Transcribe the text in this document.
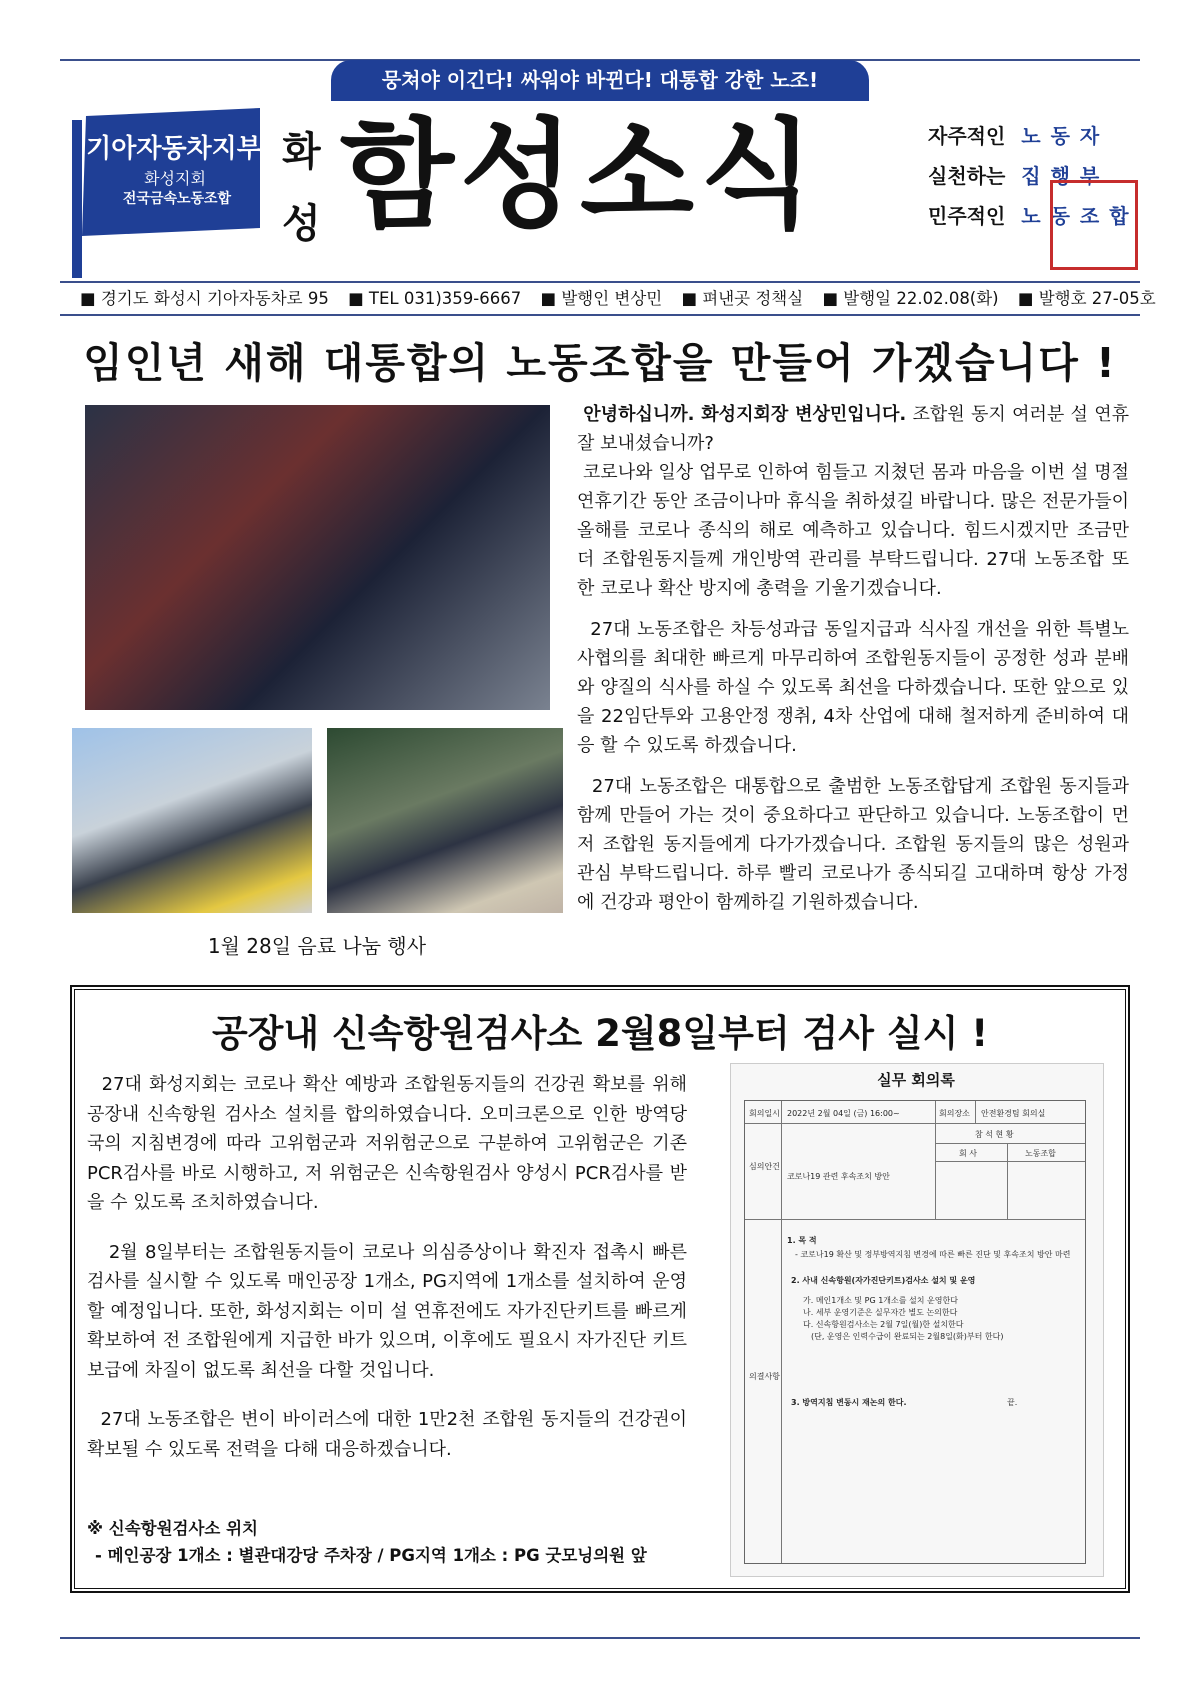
뭉쳐야 이긴다! 싸워야 바뀐다! 대통합 강한 노조!
기아자동차지부
화성지회
전국금속노동조합
화
성 함성소식	자주적인 노동자
실천하는 집행부
민주적인 노동조합
■ 경기도 화성시 기아자동차로 95 ■ TEL 031)359-6667 ■ 발행인 변상민 ■ 펴낸곳 정책실 ■ 발행일 22.02.08(화) ■ 발행호 27-05호
임인년 새해 대통합의 노동조합을 만들어 가겠습니다 !
1월 28일 음료 나눔 행사

안녕하십니까. 화성지회장 변상민입니다. 조합원 동지 여러분 설 연휴 잘 보내셨습니까?
코로나와 일상 업무로 인하여 힘들고 지쳤던 몸과 마음을 이번 설 명절 연휴기간 동안 조금이나마 휴식을 취하셨길 바랍니다. 많은 전문가들이 올해를 코로나 종식의 해로 예측하고 있습니다. 힘드시겠지만 조금만 더 조합원동지들께 개인방역 관리를 부탁드립니다. 27대 노동조합 또한 코로나 확산 방지에 총력을 기울기겠습니다.

27대 노동조합은 차등성과급 동일지급과 식사질 개선을 위한 특별노사협의를 최대한 빠르게 마무리하여 조합원동지들이 공정한 성과 분배와 양질의 식사를 하실 수 있도록 최선을 다하겠습니다. 또한 앞으로 있을 22임단투와 고용안정 쟁취, 4차 산업에 대해 철저하게 준비하여 대응 할 수 있도록 하겠습니다.

27대 노동조합은 대통합으로 출범한 노동조합답게 조합원 동지들과 함께 만들어 가는 것이 중요하다고 판단하고 있습니다. 노동조합이 먼저 조합원 동지들에게 다가가겠습니다. 조합원 동지들의 많은 성원과 관심 부탁드립니다. 하루 빨리 코로나가 종식되길 고대하며 항상 가정에 건강과 평안이 함께하길 기원하겠습니다.

공장내 신속항원검사소 2월8일부터 검사 실시 !

27대 화성지회는 코로나 확산 예방과 조합원동지들의 건강권 확보를 위해 공장내 신속항원 검사소 설치를 합의하였습니다. 오미크론으로 인한 방역당국의 지침변경에 따라 고위험군과 저위험군으로 구분하여 고위험군은 기존 PCR검사를 바로 시행하고, 저 위험군은 신속항원검사 양성시 PCR검사를 받을 수 있도록 조치하였습니다.

2월 8일부터는 조합원동지들이 코로나 의심증상이나 확진자 접촉시 빠른 검사를 실시할 수 있도록 매인공장 1개소, PG지역에 1개소를 설치하여 운영할 예정입니다. 또한, 화성지회는 이미 설 연휴전에도 자가진단키트를 빠르게 확보하여 전 조합원에게 지급한 바가 있으며, 이후에도 필요시 자가진단 키트 보급에 차질이 없도록 최선을 다할 것입니다.

27대 노동조합은 변이 바이러스에 대한 1만2천 조합원 동지들의 건강권이 확보될 수 있도록 전력을 다해 대응하겠습니다.

※ 신속항원검사소 위치
- 메인공장 1개소 : 별관대강당 주차장 / PG지역 1개소 : PG 굿모닝의원 앞
실무 회의록
회의일시 2022년 2월 04일 (금) 16:00~	회의장소 안전환경팀 회의실
참 석 현 황
회 사	노동조합
심의안건
코로나19 관련 후속조치 방안
의결사항
1. 목 적
- 코로나19 확산 및 정부방역지침 변경에 따른 빠른 진단 및 후속조치 방안 마련
2. 사내 신속항원(자가진단키트)검사소 설치 및 운영
가. 메인1개소 및 PG 1개소를 설치 운영한다
나. 세부 운영기준은 실무자간 별도 논의한다
다. 신속항원검사소는 2월 7일(월)한 설치한다
(단, 운영은 인력수급이 완료되는 2월8일(화)부터 한다)
3. 방역지침 변동시 재논의 한다.	끝.
